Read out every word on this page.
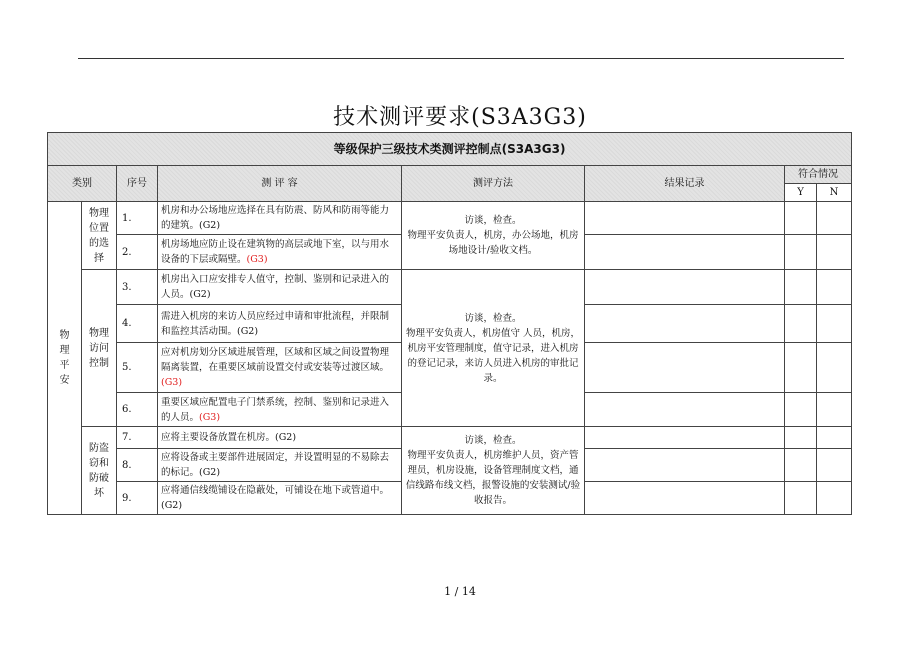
技术测评要求(S3A3G3)
等级保护三级技术类测评控制点(S3A3G3)							
类别		序号	测 评 容	测评方法	结果记录	符合情况	
						Y	N
物理平安	物理位置的选择	1.	机房和办公场地应选择在具有防震、防风和防雨等能力的建筑。(G2)	访谈，检查。
物理平安负责人，机房，办公场地，机房场地设计/验收文档。			
		2.	机房场地应防止设在建筑物的高层或地下室，以与用水设备的下层或隔壁。(G3)				
	物理访问控制	3.	机房出入口应安排专人值守，控制、鉴别和记录进入的人员。(G2)	访谈，检查。
物理平安负责人，机房值守 人员，机房，机房平安管理制度，值守记录，进入机房的登记记录，来访人员进入机房的审批记录。			
		4.	需进入机房的来访人员应经过申请和审批流程，并限制和监控其活动围。(G2)				
		5.	应对机房划分区域进展管理，区域和区域之间设置物理隔离装置，在重要区域前设置交付或安装等过渡区域。(G3)				
		6.	重要区域应配置电子门禁系统，控制、鉴别和记录进入的人员。(G3)				
	防盗窃和防破坏	7.	应将主要设备放置在机房。(G2)	访谈，检查。
物理平安负责人，机房维护人员，资产管理员，机房设施，设备管理制度文档，通信线路布线文档，报警设施的安装测试/验收报告。			
		8.	应将设备或主要部件进展固定，并设置明显的不易除去的标记。(G2)				
		9.	应将通信线缆铺设在隐蔽处，可铺设在地下或管道中。(G2)				
1 / 14
